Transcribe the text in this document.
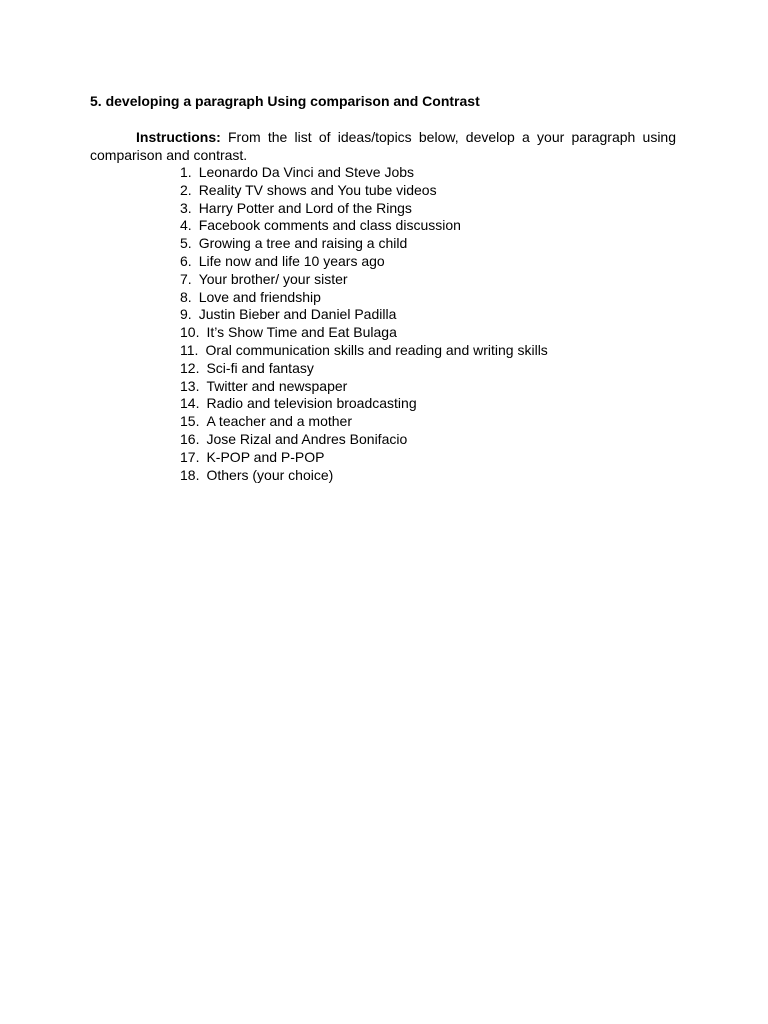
5. developing a paragraph Using comparison and Contrast
Instructions: From the list of ideas/topics below, develop a your paragraph using comparison and contrast.
1. Leonardo Da Vinci and Steve Jobs
2. Reality TV shows and You tube videos
3. Harry Potter and Lord of the Rings
4. Facebook comments and class discussion
5. Growing a tree and raising a child
6. Life now and life 10 years ago
7. Your brother/ your sister
8. Love and friendship
9. Justin Bieber and Daniel Padilla
10. It’s Show Time and Eat Bulaga
11. Oral communication skills and reading and writing skills
12. Sci-fi and fantasy
13. Twitter and newspaper
14. Radio and television broadcasting
15. A teacher and a mother
16. Jose Rizal and Andres Bonifacio
17. K-POP and P-POP
18. Others (your choice)
